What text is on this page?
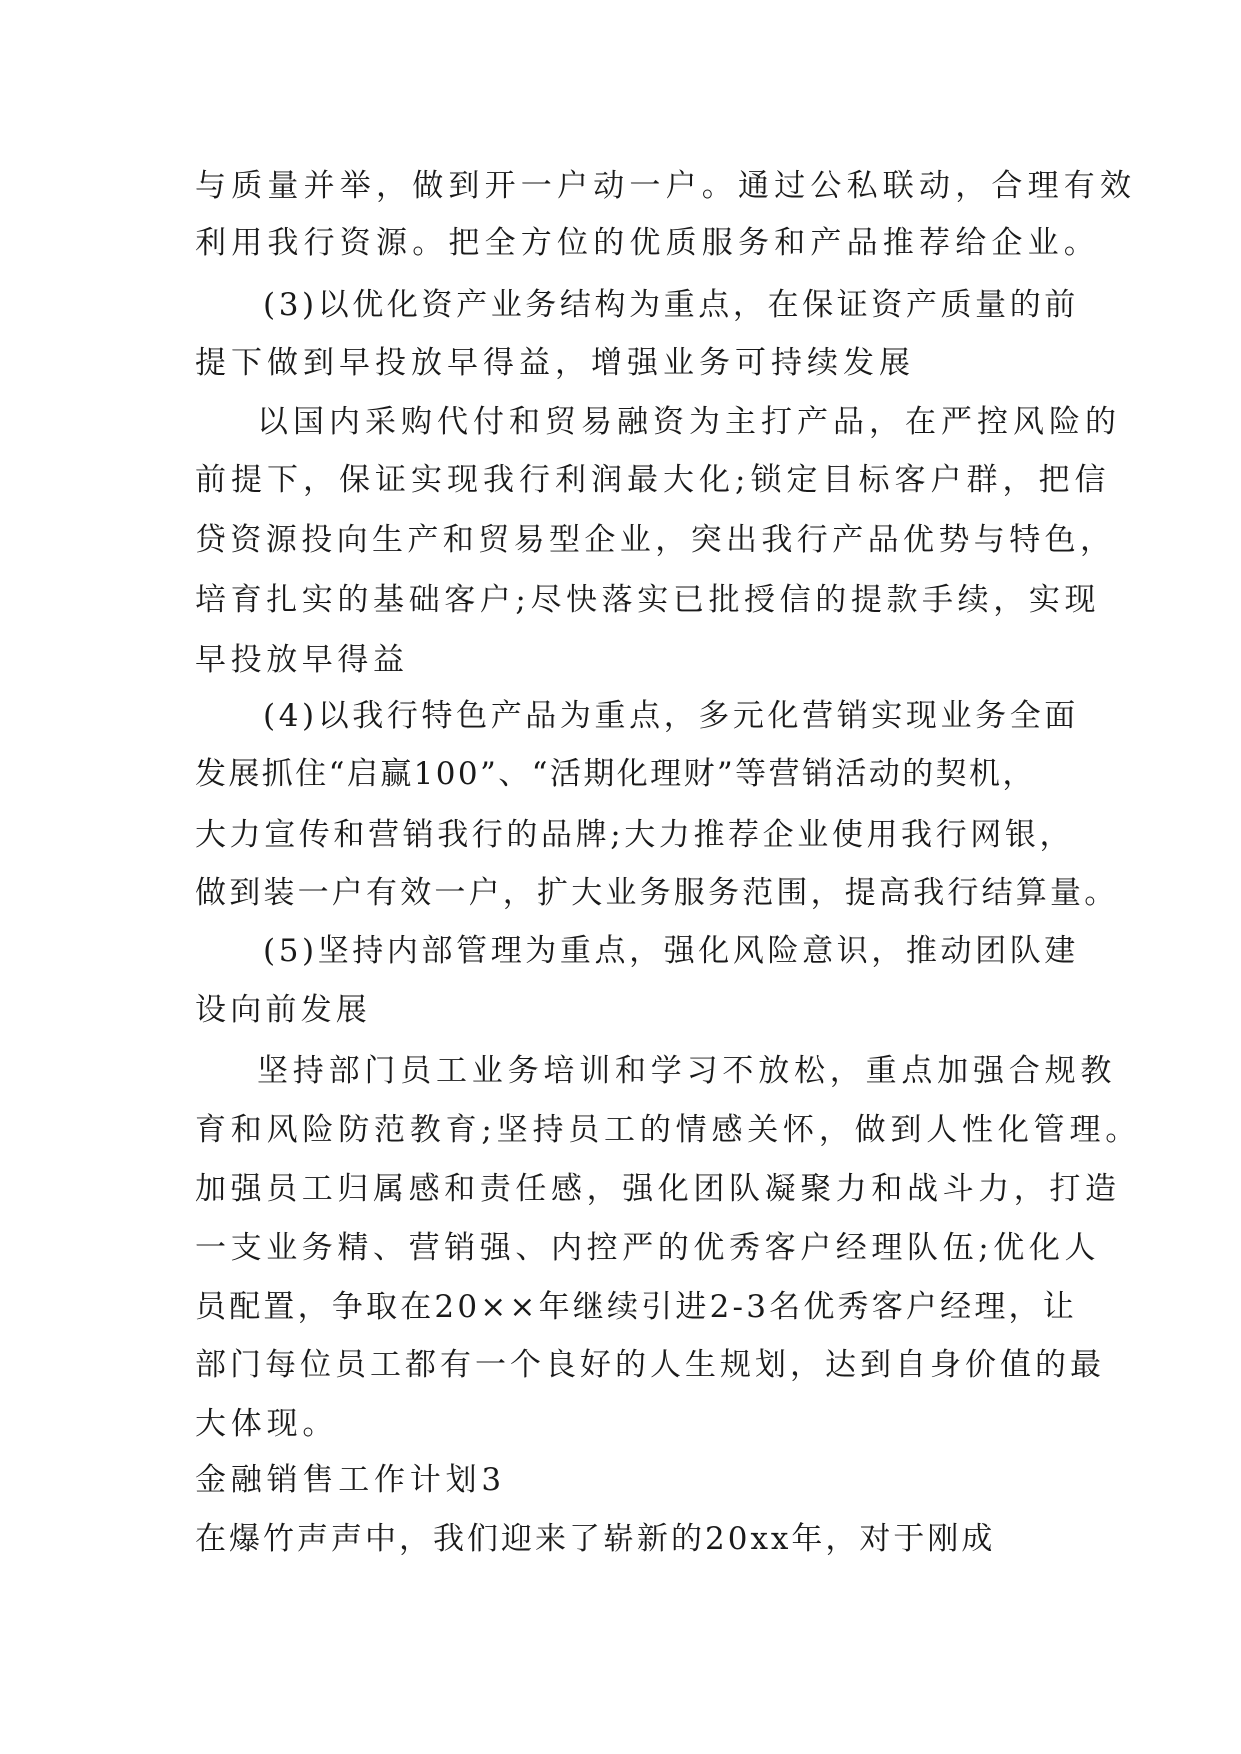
与质量并举，做到开一户动一户。通过公私联动，合理有效
利用我行资源。把全方位的优质服务和产品推荐给企业。
(3)以优化资产业务结构为重点，在保证资产质量的前
提下做到早投放早得益，增强业务可持续发展
以国内采购代付和贸易融资为主打产品，在严控风险的
前提下，保证实现我行利润最大化;锁定目标客户群，把信
贷资源投向生产和贸易型企业，突出我行产品优势与特色，
培育扎实的基础客户;尽快落实已批授信的提款手续，实现
早投放早得益
(4)以我行特色产品为重点，多元化营销实现业务全面
发展抓住“启赢100”、“活期化理财”等营销活动的契机，
大力宣传和营销我行的品牌;大力推荐企业使用我行网银，
做到装一户有效一户，扩大业务服务范围，提高我行结算量。
(5)坚持内部管理为重点，强化风险意识，推动团队建
设向前发展
坚持部门员工业务培训和学习不放松，重点加强合规教
育和风险防范教育;坚持员工的情感关怀，做到人性化管理。
加强员工归属感和责任感，强化团队凝聚力和战斗力，打造
一支业务精、营销强、内控严的优秀客户经理队伍;优化人
员配置，争取在20××年继续引进2-3名优秀客户经理，让
部门每位员工都有一个良好的人生规划，达到自身价值的最
大体现。
金融销售工作计划3
在爆竹声声中，我们迎来了崭新的20xx年，对于刚成
